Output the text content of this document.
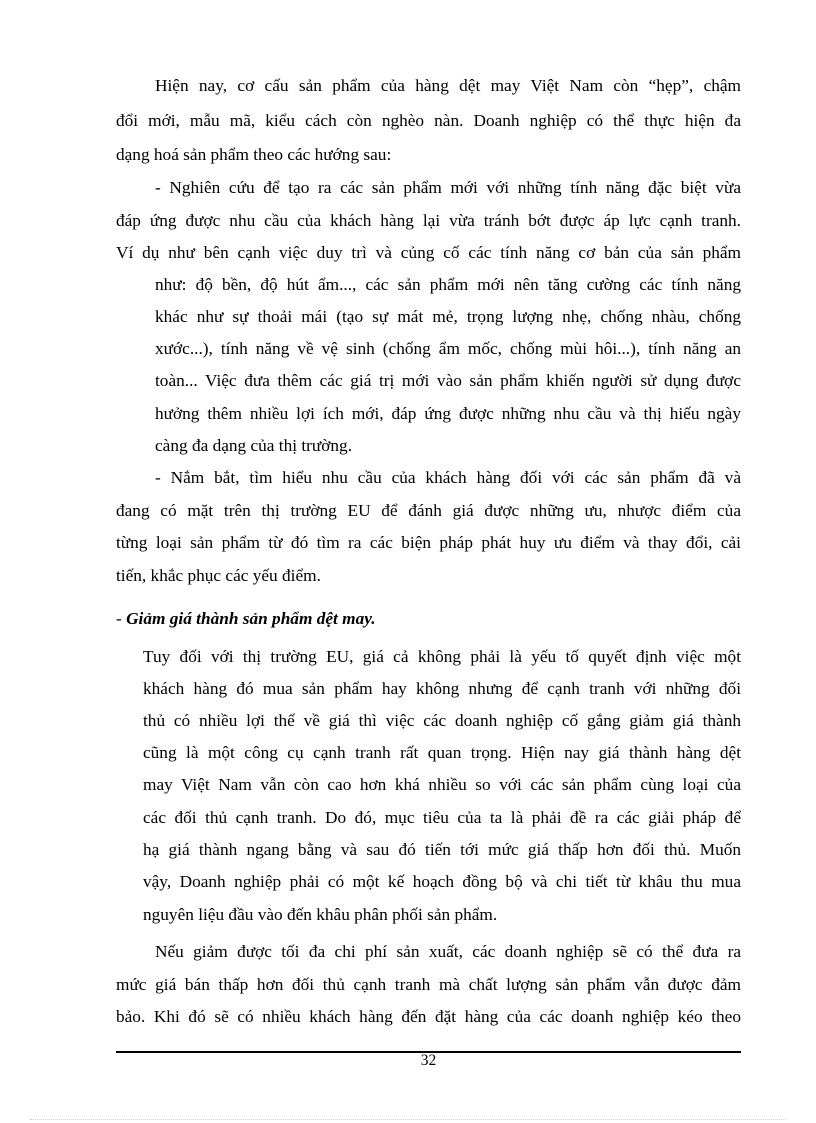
Hiện nay, cơ cấu sản phẩm của hàng dệt may Việt Nam còn “hẹp”, chậm
đổi mới, mẫu mã, kiểu cách còn nghèo nàn. Doanh nghiệp có thể thực hiện đa
dạng hoá sản phẩm theo các hướng sau:
- Nghiên cứu để tạo ra các sản phẩm mới với những tính năng đặc biệt vừa
đáp ứng được nhu cầu của khách hàng lại vừa tránh bớt được áp lực cạnh tranh.
Ví dụ như bên cạnh việc duy trì và củng cố các tính năng cơ bản của sản phẩm
như: độ bền, độ hút ẩm..., các sản phẩm mới nên tăng cường các tính năng
khác như sự thoải mái (tạo sự mát mẻ, trọng lượng nhẹ, chống nhàu, chống
xước...), tính năng về vệ sinh (chống ẩm mốc, chống mùi hôi...), tính năng an
toàn... Việc đưa thêm các giá trị mới vào sản phẩm khiến người sử dụng được
hưởng thêm nhiều lợi ích mới, đáp ứng được những nhu cầu và thị hiếu ngày
càng đa dạng của thị trường.
- Nắm bắt, tìm hiểu nhu cầu của khách hàng đối với các sản phẩm đã và
đang có mặt trên thị trường EU để đánh giá được những ưu, nhược điểm của
từng loại sản phẩm từ đó tìm ra các biện pháp phát huy ưu điểm và thay đổi, cải
tiến, khắc phục các yếu điểm.
- Giảm giá thành sản phẩm dệt may.
Tuy đối với thị trường EU, giá cả không phải là yếu tố quyết định việc một
khách hàng đó mua sản phẩm hay không nhưng để cạnh tranh với những đối
thủ có nhiều lợi thế về giá thì việc các doanh nghiệp cố gắng giảm giá thành
cũng là một công cụ cạnh tranh rất quan trọng. Hiện nay giá thành hàng dệt
may Việt Nam vẫn còn cao hơn khá nhiều so với các sản phẩm cùng loại của
các đối thủ cạnh tranh. Do đó, mục tiêu của ta là phải đề ra các giải pháp để
hạ giá thành ngang bằng và sau đó tiến tới mức giá thấp hơn đối thủ. Muốn
vậy, Doanh nghiệp phải có một kế hoạch đồng bộ và chi tiết từ khâu thu mua
nguyên liệu đầu vào đến khâu phân phối sản phẩm.
Nếu giảm được tối đa chi phí sản xuất, các doanh nghiệp sẽ có thể đưa ra
mức giá bán thấp hơn đối thủ cạnh tranh mà chất lượng sản phẩm vẫn được đảm
bảo. Khi đó sẽ có nhiều khách hàng đến đặt hàng của các doanh nghiệp kéo theo
32
